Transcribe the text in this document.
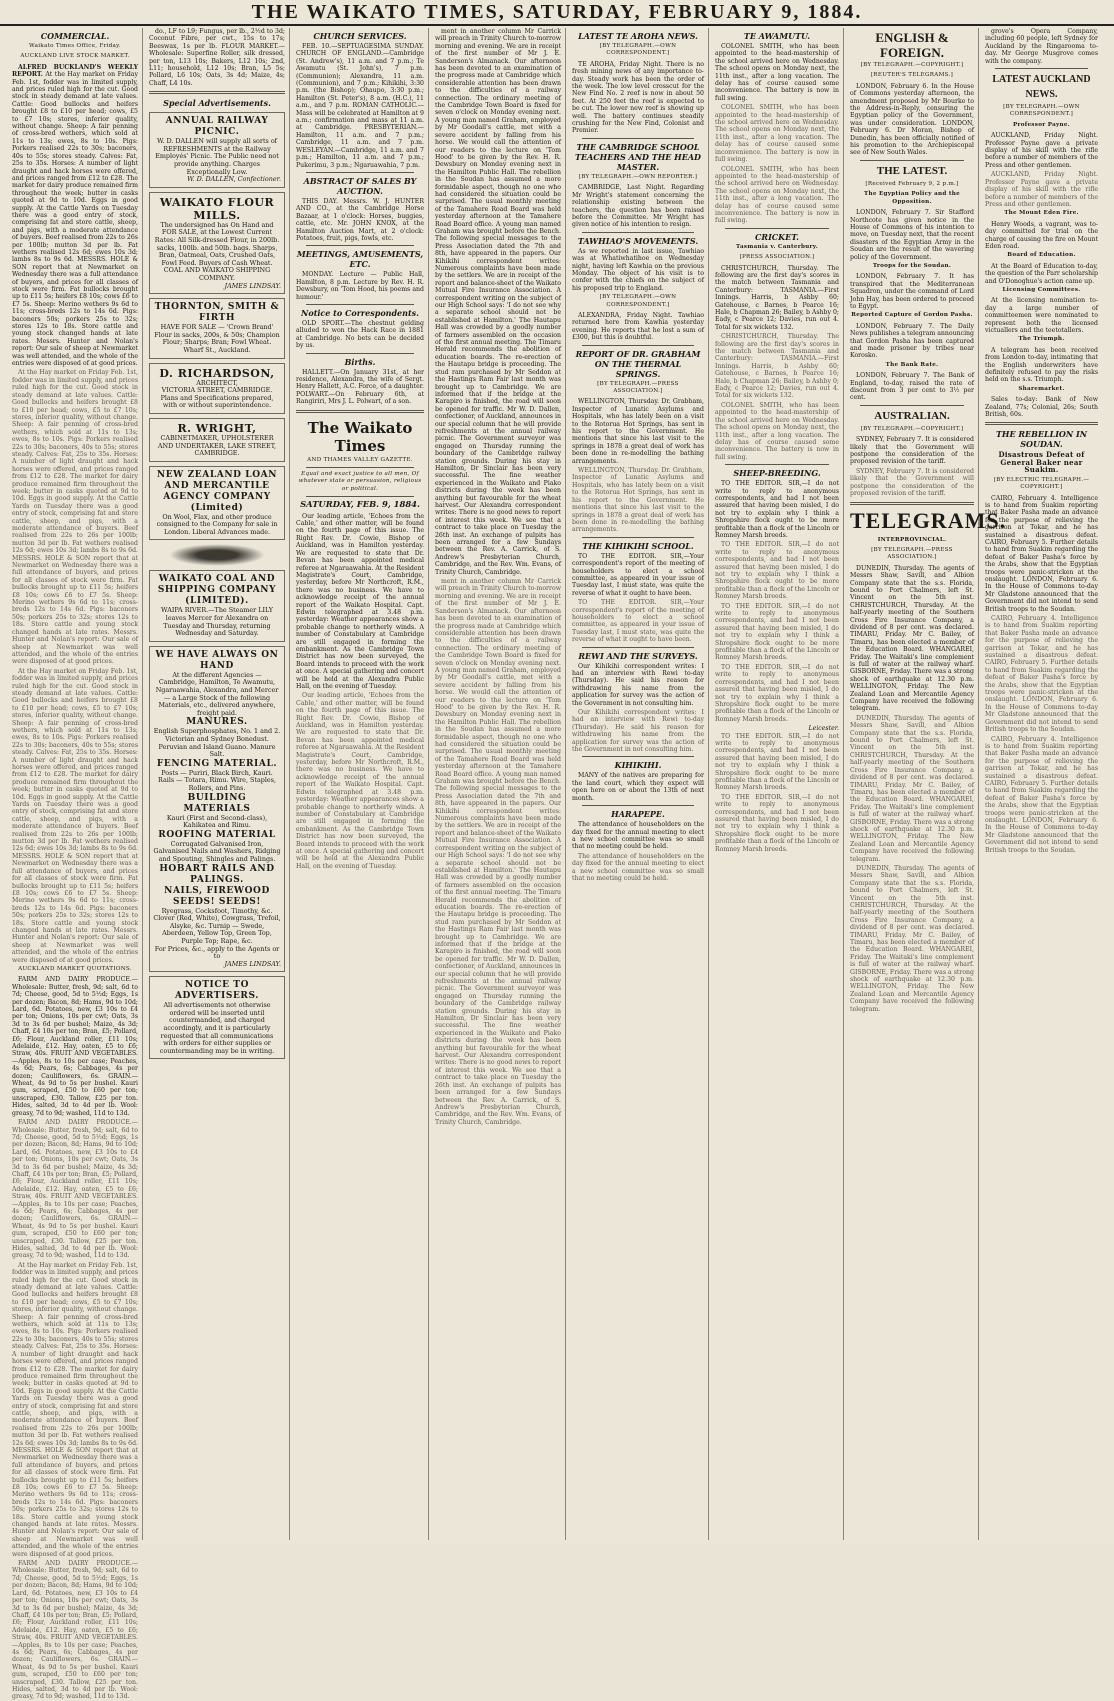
THE WAIKATO TIMES, SATURDAY, FEBRUARY 9, 1884.
COMMERCIAL.
Waikato Times Office, Friday.
AUCKLAND LIVE STOCK MARKET.

ALFRED BUCKLAND'S WEEKLY REPORT. At the Hay market on Friday Feb. 1st, fodder was in limited supply, and prices ruled high for the cut. Good stock in steady demand at late values. Cattle: Good bullocks and heifers brought £8 to £10 per head; cows, £5 to £7 10s; stores, inferior quality, without change. Sheep: A fair penning of cross-bred wethers, which sold at 11s to 13s; ewes, 8s to 10s. Pigs: Porkers realised 22s to 30s; baconers, 40s to 55s; stores steady. Calves: Fat, 25s to 35s. Horses: A number of light draught and hack horses were offered, and prices ranged from £12 to £28. The market for dairy produce remained firm throughout the week; butter in casks quoted at 9d to 10d. Eggs in good supply. At the Cattle Yards on Tuesday there was a good entry of stock, comprising fat and store cattle, sheep, and pigs, with a moderate attendance of buyers. Beef realised from 22s to 26s per 100lb; mutton 3d per lb. Fat wethers realised 12s 6d; ewes 10s 3d; lambs 8s to 9s 6d. MESSRS. HOLE & SON report that at Newmarket on Wednesday there was a full attendance of buyers, and prices for all classes of stock were firm. Fat bullocks brought up to £11 5s; heifers £8 10s; cows £6 to £7 5s. Sheep: Merino wethers 9s 6d to 11s; cross-breds 12s to 14s 6d. Pigs: baconers 50s; porkers 25s to 32s; stores 12s to 18s. Store cattle and young stock changed hands at late rates. Messrs. Hunter and Nolan's report: Our sale of sheep at Newmarket was well attended, and the whole of the entries were disposed of at good prices.

At the Hay market on Friday Feb. 1st, fodder was in limited supply, and prices ruled high for the cut. Good stock in steady demand at late values. Cattle: Good bullocks and heifers brought £8 to £10 per head; cows, £5 to £7 10s; stores, inferior quality, without change. Sheep: A fair penning of cross-bred wethers, which sold at 11s to 13s; ewes, 8s to 10s. Pigs: Porkers realised 22s to 30s; baconers, 40s to 55s; stores steady. Calves: Fat, 25s to 35s. Horses: A number of light draught and hack horses were offered, and prices ranged from £12 to £28. The market for dairy produce remained firm throughout the week; butter in casks quoted at 9d to 10d. Eggs in good supply. At the Cattle Yards on Tuesday there was a good entry of stock, comprising fat and store cattle, sheep, and pigs, with a moderate attendance of buyers. Beef realised from 22s to 26s per 100lb; mutton 3d per lb. Fat wethers realised 12s 6d; ewes 10s 3d; lambs 8s to 9s 6d. MESSRS. HOLE & SON report that at Newmarket on Wednesday there was a full attendance of buyers, and prices for all classes of stock were firm. Fat bullocks brought up to £11 5s; heifers £8 10s; cows £6 to £7 5s. Sheep: Merino wethers 9s 6d to 11s; cross-breds 12s to 14s 6d. Pigs: baconers 50s; porkers 25s to 32s; stores 12s to 18s. Store cattle and young stock changed hands at late rates. Messrs. Hunter and Nolan's report: Our sale of sheep at Newmarket was well attended, and the whole of the entries were disposed of at good prices.

At the Hay market on Friday Feb. 1st, fodder was in limited supply, and prices ruled high for the cut. Good stock in steady demand at late values. Cattle: Good bullocks and heifers brought £8 to £10 per head; cows, £5 to £7 10s; stores, inferior quality, without change. Sheep: A fair penning of cross-bred wethers, which sold at 11s to 13s; ewes, 8s to 10s. Pigs: Porkers realised 22s to 30s; baconers, 40s to 55s; stores steady. Calves: Fat, 25s to 35s. Horses: A number of light draught and hack horses were offered, and prices ranged from £12 to £28. The market for dairy produce remained firm throughout the week; butter in casks quoted at 9d to 10d. Eggs in good supply. At the Cattle Yards on Tuesday there was a good entry of stock, comprising fat and store cattle, sheep, and pigs, with a moderate attendance of buyers. Beef realised from 22s to 26s per 100lb; mutton 3d per lb. Fat wethers realised 12s 6d; ewes 10s 3d; lambs 8s to 9s 6d. MESSRS. HOLE & SON report that at Newmarket on Wednesday there was a full attendance of buyers, and prices for all classes of stock were firm. Fat bullocks brought up to £11 5s; heifers £8 10s; cows £6 to £7 5s. Sheep: Merino wethers 9s 6d to 11s; cross-breds 12s to 14s 6d. Pigs: baconers 50s; porkers 25s to 32s; stores 12s to 18s. Store cattle and young stock changed hands at late rates. Messrs. Hunter and Nolan's report: Our sale of sheep at Newmarket was well attended, and the whole of the entries were disposed of at good prices.

AUCKLAND MARKET QUOTATIONS.

FARM AND DAIRY PRODUCE.—Wholesale: Butter, fresh, 9d; salt, 6d to 7d; Cheese, good, 5d to 5½d; Eggs, 1s per dozen; Bacon, 8d; Hams, 9d to 10d; Lard, 6d. Potatoes, new, £3 10s to £4 per ton; Onions, 10s per cwt; Oats, 3s 3d to 3s 6d per bushel; Maize, 4s 3d; Chaff, £4 10s per ton; Bran, £5; Pollard, £6; Flour, Auckland roller, £11 10s; Adelaide, £12. Hay, oaten, £5 to £6; Straw, 40s. FRUIT AND VEGETABLES.—Apples, 8s to 10s per case; Peaches, 4s 6d; Pears, 6s; Cabbages, 4s per dozen; Cauliflowers, 6s. GRAIN.—Wheat, 4s 9d to 5s per bushel. Kauri gum, scraped, £50 to £60 per ton; unscraped, £30. Tallow, £25 per ton. Hides, salted, 3d to 4d per lb. Wool: greasy, 7d to 9d; washed, 11d to 13d.

FARM AND DAIRY PRODUCE.—Wholesale: Butter, fresh, 9d; salt, 6d to 7d; Cheese, good, 5d to 5½d; Eggs, 1s per dozen; Bacon, 8d; Hams, 9d to 10d; Lard, 6d. Potatoes, new, £3 10s to £4 per ton; Onions, 10s per cwt; Oats, 3s 3d to 3s 6d per bushel; Maize, 4s 3d; Chaff, £4 10s per ton; Bran, £5; Pollard, £6; Flour, Auckland roller, £11 10s; Adelaide, £12. Hay, oaten, £5 to £6; Straw, 40s. FRUIT AND VEGETABLES.—Apples, 8s to 10s per case; Peaches, 4s 6d; Pears, 6s; Cabbages, 4s per dozen; Cauliflowers, 6s. GRAIN.—Wheat, 4s 9d to 5s per bushel. Kauri gum, scraped, £50 to £60 per ton; unscraped, £30. Tallow, £25 per ton. Hides, salted, 3d to 4d per lb. Wool: greasy, 7d to 9d; washed, 11d to 13d.

At the Hay market on Friday Feb. 1st, fodder was in limited supply, and prices ruled high for the cut. Good stock in steady demand at late values. Cattle: Good bullocks and heifers brought £8 to £10 per head; cows, £5 to £7 10s; stores, inferior quality, without change. Sheep: A fair penning of cross-bred wethers, which sold at 11s to 13s; ewes, 8s to 10s. Pigs: Porkers realised 22s to 30s; baconers, 40s to 55s; stores steady. Calves: Fat, 25s to 35s. Horses: A number of light draught and hack horses were offered, and prices ranged from £12 to £28. The market for dairy produce remained firm throughout the week; butter in casks quoted at 9d to 10d. Eggs in good supply. At the Cattle Yards on Tuesday there was a good entry of stock, comprising fat and store cattle, sheep, and pigs, with a moderate attendance of buyers. Beef realised from 22s to 26s per 100lb; mutton 3d per lb. Fat wethers realised 12s 6d; ewes 10s 3d; lambs 8s to 9s 6d. MESSRS. HOLE & SON report that at Newmarket on Wednesday there was a full attendance of buyers, and prices for all classes of stock were firm. Fat bullocks brought up to £11 5s; heifers £8 10s; cows £6 to £7 5s. Sheep: Merino wethers 9s 6d to 11s; cross-breds 12s to 14s 6d. Pigs: baconers 50s; porkers 25s to 32s; stores 12s to 18s. Store cattle and young stock changed hands at late rates. Messrs. Hunter and Nolan's report: Our sale of sheep at Newmarket was well attended, and the whole of the entries were disposed of at good prices.

FARM AND DAIRY PRODUCE.—Wholesale: Butter, fresh, 9d; salt, 6d to 7d; Cheese, good, 5d to 5½d; Eggs, 1s per dozen; Bacon, 8d; Hams, 9d to 10d; Lard, 6d. Potatoes, new, £3 10s to £4 per ton; Onions, 10s per cwt; Oats, 3s 3d to 3s 6d per bushel; Maize, 4s 3d; Chaff, £4 10s per ton; Bran, £5; Pollard, £6; Flour, Auckland roller, £11 10s; Adelaide, £12. Hay, oaten, £5 to £6; Straw, 40s. FRUIT AND VEGETABLES.—Apples, 8s to 10s per case; Peaches, 4s 6d; Pears, 6s; Cabbages, 4s per dozen; Cauliflowers, 6s. GRAIN.—Wheat, 4s 9d to 5s per bushel. Kauri gum, scraped, £50 to £60 per ton; unscraped, £30. Tallow, £25 per ton. Hides, salted, 3d to 4d per lb. Wool: greasy, 7d to 9d; washed, 11d to 13d.

do., LF to L9; Fungus, per lb., 2½d to 3d; Coconut Fibre, per cwt., 15s to 17s; Beeswax, 1s per lb. FLOUR MARKET.—Wholesale: Superfine Roller, silk dressed, per ton, L13 10s; Bakers, L12 10s; 2nd, L11; household, L12 10s; Bran, L5 5s; Pollard, L6 10s; Oats, 3s 4d; Maize, 4s; Chaff, L4 10s.

Special Advertisements.
ANNUAL RAILWAY PICNIC.
W. D. DALLEN will supply all sorts of REFRESHMENTS at the Railway Employés' Picnic. The Public need not provide anything. Charges Exceptionally Low.
W. D. DALLEN, Confectioner.
WAIKATO FLOUR MILLS.
The undersigned has On Hand and FOR SALE, at the Lowest Current Rates: All Silk-dressed Flour, in 200lb. sacks, 100lb. and 50lb. bags. Sharps, Bran, Oatmeal, Oats, Crushed Oats, Fowl Feed. Buyers of Cash Wheat. COAL AND WAIKATO SHIPPING COMPANY.
JAMES LINDSAY.
THORNTON, SMITH & FIRTH
HAVE FOR SALE — 'Crown Brand' Flour in sacks, 200s, & 50s; Champion Flour; Sharps; Bran; Fowl Wheat. Wharf St., Auckland.
D. RICHARDSON,
ARCHITECT,
VICTORIA STREET, CAMBRIDGE. Plans and Specifications prepared, with or without superintendence.
R. WRIGHT,
CABINETMAKER, UPHOLSTERER AND UNDERTAKER, LAKE STREET, CAMBRIDGE.
NEW ZEALAND LOAN AND MERCANTILE AGENCY COMPANY (Limited)
On Wool, Flax, and other produce consigned to the Company for sale in London. Liberal Advances made.
WAIKATO COAL AND SHIPPING COMPANY (LIMITED).
WAIPA RIVER.—The Steamer LILY leaves Mercer for Alexandra on Tuesday and Thursday, returning Wednesday and Saturday.
WE HAVE ALWAYS ON HAND
At the different Agencies — Cambridge, Hamilton, Te Awamutu, Ngaruawahia, Alexandra, and Mercer — a Large Stock of the following Materials, etc., delivered anywhere, freight paid.
MANURES.
English Superphosphates, No. 1 and 2. Victorian and Sydney Bonedust. Peruvian and Island Guano. Manure Salt.
FENCING MATERIAL.
Posts — Puriri, Black Birch, Kauri. Rails — Totara, Rimu. Wire, Staples, Rollers, and Pins.
BUILDING MATERIALS
Kauri (First and Second-class), Kahikatea and Rimu.
ROOFING MATERIAL
Corrugated Galvanised Iron, Galvanised Nails and Washers, Ridging and Spouting, Shingles and Palings.
HOBART RAILS AND PALINGS.
NAILS, FIREWOOD
SEEDS! SEEDS!
Ryegrass, Cocksfoot, Timothy, &c. Clover (Red, White), Cowgrass, Trefoil, Alsyke, &c. Turnip — Swede, Aberdeen, Yellow Top, Green Top, Purple Top; Rape, &c.
For Prices, &c., apply to the Agents or to
JAMES LINDSAY.
NOTICE TO ADVERTISERS.
All advertisements not otherwise ordered will be inserted until countermanded, and charged accordingly, and it is particularly requested that all communications with orders for either supplies or countermanding may be in writing.
CHURCH SERVICES.

FEB. 10.—SEPTUAGESIMA SUNDAY. CHURCH OF ENGLAND.—Cambridge (St. Andrew's), 11 a.m. and 7 p.m.; Te Awamutu (St. John's), 7 p.m. (Communion); Alexandra, 11 a.m. (Communion), and 7 p.m.; Kihikihi, 3:30 p.m. (the Bishop); Ohaupo, 3:30 p.m.; Hamilton (St. Peter's), 8 a.m. (H.C.), 11 a.m., and 7 p.m. ROMAN CATHOLIC.—Mass will be celebrated at Hamilton at 9 a.m.; confirmation and mass at 11 a.m. at Cambridge. PRESBYTERIAN.—Hamilton, 11 a.m. and 7 p.m.; Cambridge, 11 a.m. and 7 p.m. WESLEYAN.—Cambridge, 11 a.m. and 7 p.m.; Hamilton, 11 a.m. and 7 p.m.; Pukerimu, 3 p.m.; Ngaruawahia, 7 p.m.

ABSTRACT OF SALES BY AUCTION.

THIS DAY. Messrs. W. J. HUNTER AND CO., at the Cambridge Horse Bazaar, at 1 o'clock: Horses, buggies, cattle, etc. Mr. JOHN KNOX, at the Hamilton Auction Mart, at 2 o'clock: Potatoes, fruit, pigs, fowls, etc.

MEETINGS, AMUSEMENTS, ETC.

MONDAY. Lecture — Public Hall, Hamilton, 8 p.m. Lecture by Rev. H. R. Dewsbury, on 'Tom Hood, his poems and humour.'

Notice to Correspondents.

OLD SPORT.—The chestnut gelding alluded to won the Hack Race in 1881 at Cambridge. No bets can be decided by us.

Births.

HALLETT.—On January 31st, at her residence, Alexandra, the wife of Sergt. Henry Hallett, A.C. Force, of a daughter. POLWART.—On February 6th, at Rangiriri, Mrs J. L. Polwart, of a son.

The Waikato Times
AND THAMES VALLEY GAZETTE.
Equal and exact justice to all men, Of whatever state or persuasion, religious or political.
SATURDAY, FEB. 9, 1884.

Our leading article, 'Echoes from the Cable,' and other matter, will be found on the fourth page of this issue. The Right Rev. Dr. Cowie, Bishop of Auckland, was in Hamilton yesterday. We are requested to state that Dr. Bevan has been appointed medical referee at Ngaruawahia. At the Resident Magistrate's Court, Cambridge, yesterday, before Mr Northcroft, R.M., there was no business. We have to acknowledge receipt of the annual report of the Waikato Hospital. Capt. Edwin telegraphed at 3.48 p.m. yesterday: Weather appearances show a probable change to northerly winds. A number of Constabulary at Cambridge are still engaged in forming the embankment. As the Cambridge Town District has now been surveyed, the Board intends to proceed with the work at once. A special gathering and concert will be held at the Alexandra Public Hall, on the evening of Tuesday.

Our leading article, 'Echoes from the Cable,' and other matter, will be found on the fourth page of this issue. The Right Rev. Dr. Cowie, Bishop of Auckland, was in Hamilton yesterday. We are requested to state that Dr. Bevan has been appointed medical referee at Ngaruawahia. At the Resident Magistrate's Court, Cambridge, yesterday, before Mr Northcroft, R.M., there was no business. We have to acknowledge receipt of the annual report of the Waikato Hospital. Capt. Edwin telegraphed at 3.48 p.m. yesterday: Weather appearances show a probable change to northerly winds. A number of Constabulary at Cambridge are still engaged in forming the embankment. As the Cambridge Town District has now been surveyed, the Board intends to proceed with the work at once. A special gathering and concert will be held at the Alexandra Public Hall, on the evening of Tuesday.

ment in another column Mr Carrick will preach in Trinity Church to-morrow morning and evening. We are in receipt of the first number of Mr J. E. Sanderson's Almanack. Our afternoon has been devoted to an examination of the progress made at Cambridge which considerable attention has been drawn to the difficulties of a railway connection. The ordinary meeting of the Cambridge Town Board is fixed for seven o'clock on Monday evening next. A young man named Graham, employed by Mr Goodall's cattle, met with a severe accident by falling from his horse. We would call the attention of our readers to the lecture on 'Tom Hood' to be given by the Rev. H. R. Dewsbury on Monday evening next in the Hamilton Public Hall. The rebellion in the Soudan has assumed a more formidable aspect, though no one who had considered the situation could be surprised. The usual monthly meeting of the Tamahere Road Board was held yesterday afternoon at the Tamahere Road Board office. A young man named Graham was brought before the Bench. The following special messages to the Press Association dated the 7th and 8th, have appeared in the papers. Our Kihikihi correspondent writes: Numerous complaints have been made by the settlers. We are in receipt of the report and balance-sheet of the Waikato Mutual Fire Insurance Association. A correspondent writing on the subject of our High School says: 'I do not see why a separate school should not be established at Hamilton.' The Hautapu Hall was crowded by a goodly number of farmers assembled on the occasion of the first annual meeting. The Timaru Herald recommends the abolition of education boards. The re-erection of the Hautapu bridge is proceeding. The stud ram purchased by Mr Seddon at the Hastings Ram Fair last month was brought up to Cambridge. We are informed that if the bridge at the Karapiro is finished, the road will soon be opened for traffic. Mr W. D. Dallen, confectioner, of Auckland, announces in our special column that he will provide refreshments at the annual railway picnic. The Government surveyor was engaged on Thursday running the boundary of the Cambridge railway station grounds. During his stay in Hamilton, Dr Sinclair has been very successful. The fine weather experienced in the Waikato and Piako districts during the week has been anything but favourable for the wheat harvest. Our Alexandra correspondent writes: There is no good news to report of interest this week. We see that a contract to take place on Tuesday the 26th inst. An exchange of pulpits has been arranged for a few Sundays between the Rev. A. Carrick, of S. Andrew's Presbyterian Church, Cambridge, and the Rev. Wm. Evans, of Trinity Church, Cambridge.

ment in another column Mr Carrick will preach in Trinity Church to-morrow morning and evening. We are in receipt of the first number of Mr J. E. Sanderson's Almanack. Our afternoon has been devoted to an examination of the progress made at Cambridge which considerable attention has been drawn to the difficulties of a railway connection. The ordinary meeting of the Cambridge Town Board is fixed for seven o'clock on Monday evening next. A young man named Graham, employed by Mr Goodall's cattle, met with a severe accident by falling from his horse. We would call the attention of our readers to the lecture on 'Tom Hood' to be given by the Rev. H. R. Dewsbury on Monday evening next in the Hamilton Public Hall. The rebellion in the Soudan has assumed a more formidable aspect, though no one who had considered the situation could be surprised. The usual monthly meeting of the Tamahere Road Board was held yesterday afternoon at the Tamahere Road Board office. A young man named Graham was brought before the Bench. The following special messages to the Press Association dated the 7th and 8th, have appeared in the papers. Our Kihikihi correspondent writes: Numerous complaints have been made by the settlers. We are in receipt of the report and balance-sheet of the Waikato Mutual Fire Insurance Association. A correspondent writing on the subject of our High School says: 'I do not see why a separate school should not be established at Hamilton.' The Hautapu Hall was crowded by a goodly number of farmers assembled on the occasion of the first annual meeting. The Timaru Herald recommends the abolition of education boards. The re-erection of the Hautapu bridge is proceeding. The stud ram purchased by Mr Seddon at the Hastings Ram Fair last month was brought up to Cambridge. We are informed that if the bridge at the Karapiro is finished, the road will soon be opened for traffic. Mr W. D. Dallen, confectioner, of Auckland, announces in our special column that he will provide refreshments at the annual railway picnic. The Government surveyor was engaged on Thursday running the boundary of the Cambridge railway station grounds. During his stay in Hamilton, Dr Sinclair has been very successful. The fine weather experienced in the Waikato and Piako districts during the week has been anything but favourable for the wheat harvest. Our Alexandra correspondent writes: There is no good news to report of interest this week. We see that a contract to take place on Tuesday the 26th inst. An exchange of pulpits has been arranged for a few Sundays between the Rev. A. Carrick, of S. Andrew's Presbyterian Church, Cambridge, and the Rev. Wm. Evans, of Trinity Church, Cambridge.

LATEST TE AROHA NEWS.
[BY TELEGRAPH.—OWN CORRESPONDENT.]

TE AROHA, Friday Night. There is no fresh mining news of any importance to-day. Steady work has been the order of the week. The low level crosscut for the New Find No. 2 reef is now in about 50 feet. At 250 feet the reef is expected to be cut. The lower new reef is showing up well. The battery continues steadily crushing for the New Find, Colonist and Premier.

THE CAMBRIDGE SCHOOL TEACHERS AND THE HEAD MASTER.
[BY TELEGRAPH.—OWN REPORTER.]

CAMBRIDGE, Last Night. Regarding Mr Wright's statement concerning the relationship existing between the teachers, the question has been raised before the Committee. Mr Wright has given notice of his intention to resign.

TAWHIAO'S MOVEMENTS.

As we reported in last issue, Tawhiao was at Whatiwhatihoe on Wednesday night, having left Kawhia on the previous Monday. The object of his visit is to confer with the chiefs on the subject of his proposed trip to England.

[BY TELEGRAPH.—OWN CORRESPONDENT.]

ALEXANDRA, Friday Night. Tawhiao returned here from Kawhia yesterday evening. He reports that he lost a sum of £300, but this is doubtful.

REPORT OF DR. GRABHAM ON THE THERMAL SPRINGS.
[BY TELEGRAPH.—PRESS ASSOCIATION.]

WELLINGTON, Thursday. Dr. Grabham, Inspector of Lunatic Asylums and Hospitals, who has lately been on a visit to the Rotorua Hot Springs, has sent in his report to the Government. He mentions that since his last visit to the springs in 1878 a great deal of work has been done in re-modelling the bathing arrangements.

WELLINGTON, Thursday. Dr. Grabham, Inspector of Lunatic Asylums and Hospitals, who has lately been on a visit to the Rotorua Hot Springs, has sent in his report to the Government. He mentions that since his last visit to the springs in 1878 a great deal of work has been done in re-modelling the bathing arrangements.

THE KIHIKIHI SCHOOL.

TO THE EDITOR. SIR,—Your correspondent's report of the meeting of householders to elect a school committee, as appeared in your issue of Tuesday last, I must state, was quite the reverse of what it ought to have been.

TO THE EDITOR. SIR,—Your correspondent's report of the meeting of householders to elect a school committee, as appeared in your issue of Tuesday last, I must state, was quite the reverse of what it ought to have been.

REWI AND THE SURVEYS.

Our Kihikihi correspondent writes: I had an interview with Rewi to-day (Thursday). He said his reason for withdrawing his name from the application for survey was the action of the Government in not consulting him.

Our Kihikihi correspondent writes: I had an interview with Rewi to-day (Thursday). He said his reason for withdrawing his name from the application for survey was the action of the Government in not consulting him.

KIHIKIHI.

MANY of the natives are preparing for the land court, which they expect will open here on or about the 13th of next month.

HARAPEPE.

The attendance of householders on the day fixed for the annual meeting to elect a new school committee was so small that no meeting could be held.

The attendance of householders on the day fixed for the annual meeting to elect a new school committee was so small that no meeting could be held.

TE AWAMUTU.

COLONEL SMITH, who has been appointed to the head-mastership of the school arrived here on Wednesday. The school opens on Monday next, the 11th inst., after a long vacation. The delay has of course caused some inconvenience. The battery is now in full swing.

COLONEL SMITH, who has been appointed to the head-mastership of the school arrived here on Wednesday. The school opens on Monday next, the 11th inst., after a long vacation. The delay has of course caused some inconvenience. The battery is now in full swing.

COLONEL SMITH, who has been appointed to the head-mastership of the school arrived here on Wednesday. The school opens on Monday next, the 11th inst., after a long vacation. The delay has of course caused some inconvenience. The battery is now in full swing.

CRICKET.
Tasmania v. Canterbury.
[PRESS ASSOCIATION.]

CHRISTCHURCH, Thursday. The following are the first day's scores in the match between Tasmania and Canterbury: TASMANIA.—First Innings. Harris, b Ashby 60; Gatehouse, c Barnes, b Pearce 16; Hale, b Chapman 26; Bailey, b Ashby 0; Eady, c Pearce 12; Davies, run out 4. Total for six wickets 132.

CHRISTCHURCH, Thursday. The following are the first day's scores in the match between Tasmania and Canterbury: TASMANIA.—First Innings. Harris, b Ashby 60; Gatehouse, c Barnes, b Pearce 16; Hale, b Chapman 26; Bailey, b Ashby 0; Eady, c Pearce 12; Davies, run out 4. Total for six wickets 132.

COLONEL SMITH, who has been appointed to the head-mastership of the school arrived here on Wednesday. The school opens on Monday next, the 11th inst., after a long vacation. The delay has of course caused some inconvenience. The battery is now in full swing.

SHEEP-BREEDING.

TO THE EDITOR. SIR,—I do not write to reply to anonymous correspondents, and had I not been assured that having been misled, I do not try to explain why I think a Shropshire flock ought to be more profitable than a flock of the Lincoln or Romney Marsh breeds.

TO THE EDITOR. SIR,—I do not write to reply to anonymous correspondents, and had I not been assured that having been misled, I do not try to explain why I think a Shropshire flock ought to be more profitable than a flock of the Lincoln or Romney Marsh breeds.

TO THE EDITOR. SIR,—I do not write to reply to anonymous correspondents, and had I not been assured that having been misled, I do not try to explain why I think a Shropshire flock ought to be more profitable than a flock of the Lincoln or Romney Marsh breeds.

TO THE EDITOR. SIR,—I do not write to reply to anonymous correspondents, and had I not been assured that having been misled, I do not try to explain why I think a Shropshire flock ought to be more profitable than a flock of the Lincoln or Romney Marsh breeds.

Leicester.

TO THE EDITOR. SIR,—I do not write to reply to anonymous correspondents, and had I not been assured that having been misled, I do not try to explain why I think a Shropshire flock ought to be more profitable than a flock of the Lincoln or Romney Marsh breeds.

TO THE EDITOR. SIR,—I do not write to reply to anonymous correspondents, and had I not been assured that having been misled, I do not try to explain why I think a Shropshire flock ought to be more profitable than a flock of the Lincoln or Romney Marsh breeds.

ENGLISH & FOREIGN.
[BY TELEGRAPH.—COPYRIGHT.]
[REUTER'S TELEGRAMS.]

LONDON, February 6. In the House of Commons yesterday afternoon, the amendment proposed by Mr Bourke to the Address-in-Reply, censuring the Egyptian policy of the Government, was under consideration. LONDON, February 6. Dr Moran, Bishop of Dunedin, has been officially notified of his promotion to the Archiepiscopal see of New South Wales.

THE LATEST.
[Received February 9, 2 p.m.]
The Egyptian Policy and the Opposition.

LONDON, February 7. Sir Stafford Northcote has given notice in the House of Commons of his intention to move, on Tuesday next, that the recent disasters of the Egyptian Army in the Soudan are the result of the wavering policy of the Government.

Troops for the Soudan.

LONDON, February 7. It has transpired that the Mediterranean Squadron, under the command of Lord John Hay, has been ordered to proceed to Egypt.

Reported Capture of Gordon Pasha.

LONDON, February 7. The Daily News publishes a telegram announcing that Gordon Pasha has been captured and made prisoner by tribes near Korosko.

The Bank Rate.

LONDON, February 7. The Bank of England, to-day, raised the rate of discount from 3 per cent to 3½ per cent.

AUSTRALIAN.
[BY TELEGRAPH.—COPYRIGHT.]

SYDNEY, February 7. It is considered likely that the Government will postpone the consideration of the proposed revision of the tariff.

SYDNEY, February 7. It is considered likely that the Government will postpone the consideration of the proposed revision of the tariff.

TELEGRAMS.
INTERPROVINCIAL.
[BY TELEGRAPH.—PRESS ASSOCIATION.]

DUNEDIN, Thursday. The agents of Messrs Shaw, Savill, and Albion Company state that the s.s. Florida, bound to Port Chalmers, left St. Vincent on the 5th inst. CHRISTCHURCH, Thursday. At the half-yearly meeting of the Southern Cross Fire Insurance Company, a dividend of 8 per cent. was declared. TIMARU, Friday. Mr C. Bailey, of Timaru, has been elected a member of the Education Board. WHANGAREI, Friday. The Waitaki's line complement is full of water at the railway wharf. GISBORNE, Friday. There was a strong shock of earthquake at 12.30 p.m. WELLINGTON, Friday. The New Zealand Loan and Mercantile Agency Company have received the following telegram.

DUNEDIN, Thursday. The agents of Messrs Shaw, Savill, and Albion Company state that the s.s. Florida, bound to Port Chalmers, left St. Vincent on the 5th inst. CHRISTCHURCH, Thursday. At the half-yearly meeting of the Southern Cross Fire Insurance Company, a dividend of 8 per cent. was declared. TIMARU, Friday. Mr C. Bailey, of Timaru, has been elected a member of the Education Board. WHANGAREI, Friday. The Waitaki's line complement is full of water at the railway wharf. GISBORNE, Friday. There was a strong shock of earthquake at 12.30 p.m. WELLINGTON, Friday. The New Zealand Loan and Mercantile Agency Company have received the following telegram.

DUNEDIN, Thursday. The agents of Messrs Shaw, Savill, and Albion Company state that the s.s. Florida, bound to Port Chalmers, left St. Vincent on the 5th inst. CHRISTCHURCH, Thursday. At the half-yearly meeting of the Southern Cross Fire Insurance Company, a dividend of 8 per cent. was declared. TIMARU, Friday. Mr C. Bailey, of Timaru, has been elected a member of the Education Board. WHANGAREI, Friday. The Waitaki's line complement is full of water at the railway wharf. GISBORNE, Friday. There was a strong shock of earthquake at 12.30 p.m. WELLINGTON, Friday. The New Zealand Loan and Mercantile Agency Company have received the following telegram.

grove's Opera Company, including 60 people, left Sydney for Auckland by the Ringarooma to-day. Mr George Musgrove comes with the company.

LATEST AUCKLAND NEWS.
[BY TELEGRAPH.—OWN CORRESPONDENT.]
Professor Payne.

AUCKLAND, Friday Night. Professor Payne gave a private display of his skill with the rifle before a number of members of the Press and other gentlemen.

AUCKLAND, Friday Night. Professor Payne gave a private display of his skill with the rifle before a number of members of the Press and other gentlemen.

The Mount Eden Fire.

Henry Woods, a vagrant, was to-day committed for trial on the charge of causing the fire on Mount Eden road.

Board of Education.

At the Board of Education to-day, the question of the Parr scholarship and O'Donoghue's action came up.

Licensing Committees.

At the licensing nomination to-day a large number of committeemen were nominated to represent both the licensed victuallers and the teetotallers.

The Triumph.

A telegram has been received from London to-day, intimating that the English underwriters have definitely refused to pay the risks held on the s.s. Triumph.

Sharemarket.

Sales to-day: Bank of New Zealand, 77s; Colonial, 26s; South British, 60s.

THE REBELLION IN SOUDAN.
Disastrous Defeat of General Baker near Suakim.
[BY ELECTRIC TELEGRAPH.—COPYRIGHT.]

CAIRO, February 4. Intelligence is to hand from Suakim reporting that Baker Pasha made an advance for the purpose of relieving the garrison at Tokar, and he has sustained a disastrous defeat. CAIRO, February 5. Further details to hand from Suakim regarding the defeat of Baker Pasha's force by the Arabs, show that the Egyptian troops were panic-stricken at the onslaught. LONDON, February 6. In the House of Commons to-day Mr Gladstone announced that the Government did not intend to send British troops to the Soudan.

CAIRO, February 4. Intelligence is to hand from Suakim reporting that Baker Pasha made an advance for the purpose of relieving the garrison at Tokar, and he has sustained a disastrous defeat. CAIRO, February 5. Further details to hand from Suakim regarding the defeat of Baker Pasha's force by the Arabs, show that the Egyptian troops were panic-stricken at the onslaught. LONDON, February 6. In the House of Commons to-day Mr Gladstone announced that the Government did not intend to send British troops to the Soudan.

CAIRO, February 4. Intelligence is to hand from Suakim reporting that Baker Pasha made an advance for the purpose of relieving the garrison at Tokar, and he has sustained a disastrous defeat. CAIRO, February 5. Further details to hand from Suakim regarding the defeat of Baker Pasha's force by the Arabs, show that the Egyptian troops were panic-stricken at the onslaught. LONDON, February 6. In the House of Commons to-day Mr Gladstone announced that the Government did not intend to send British troops to the Soudan.
